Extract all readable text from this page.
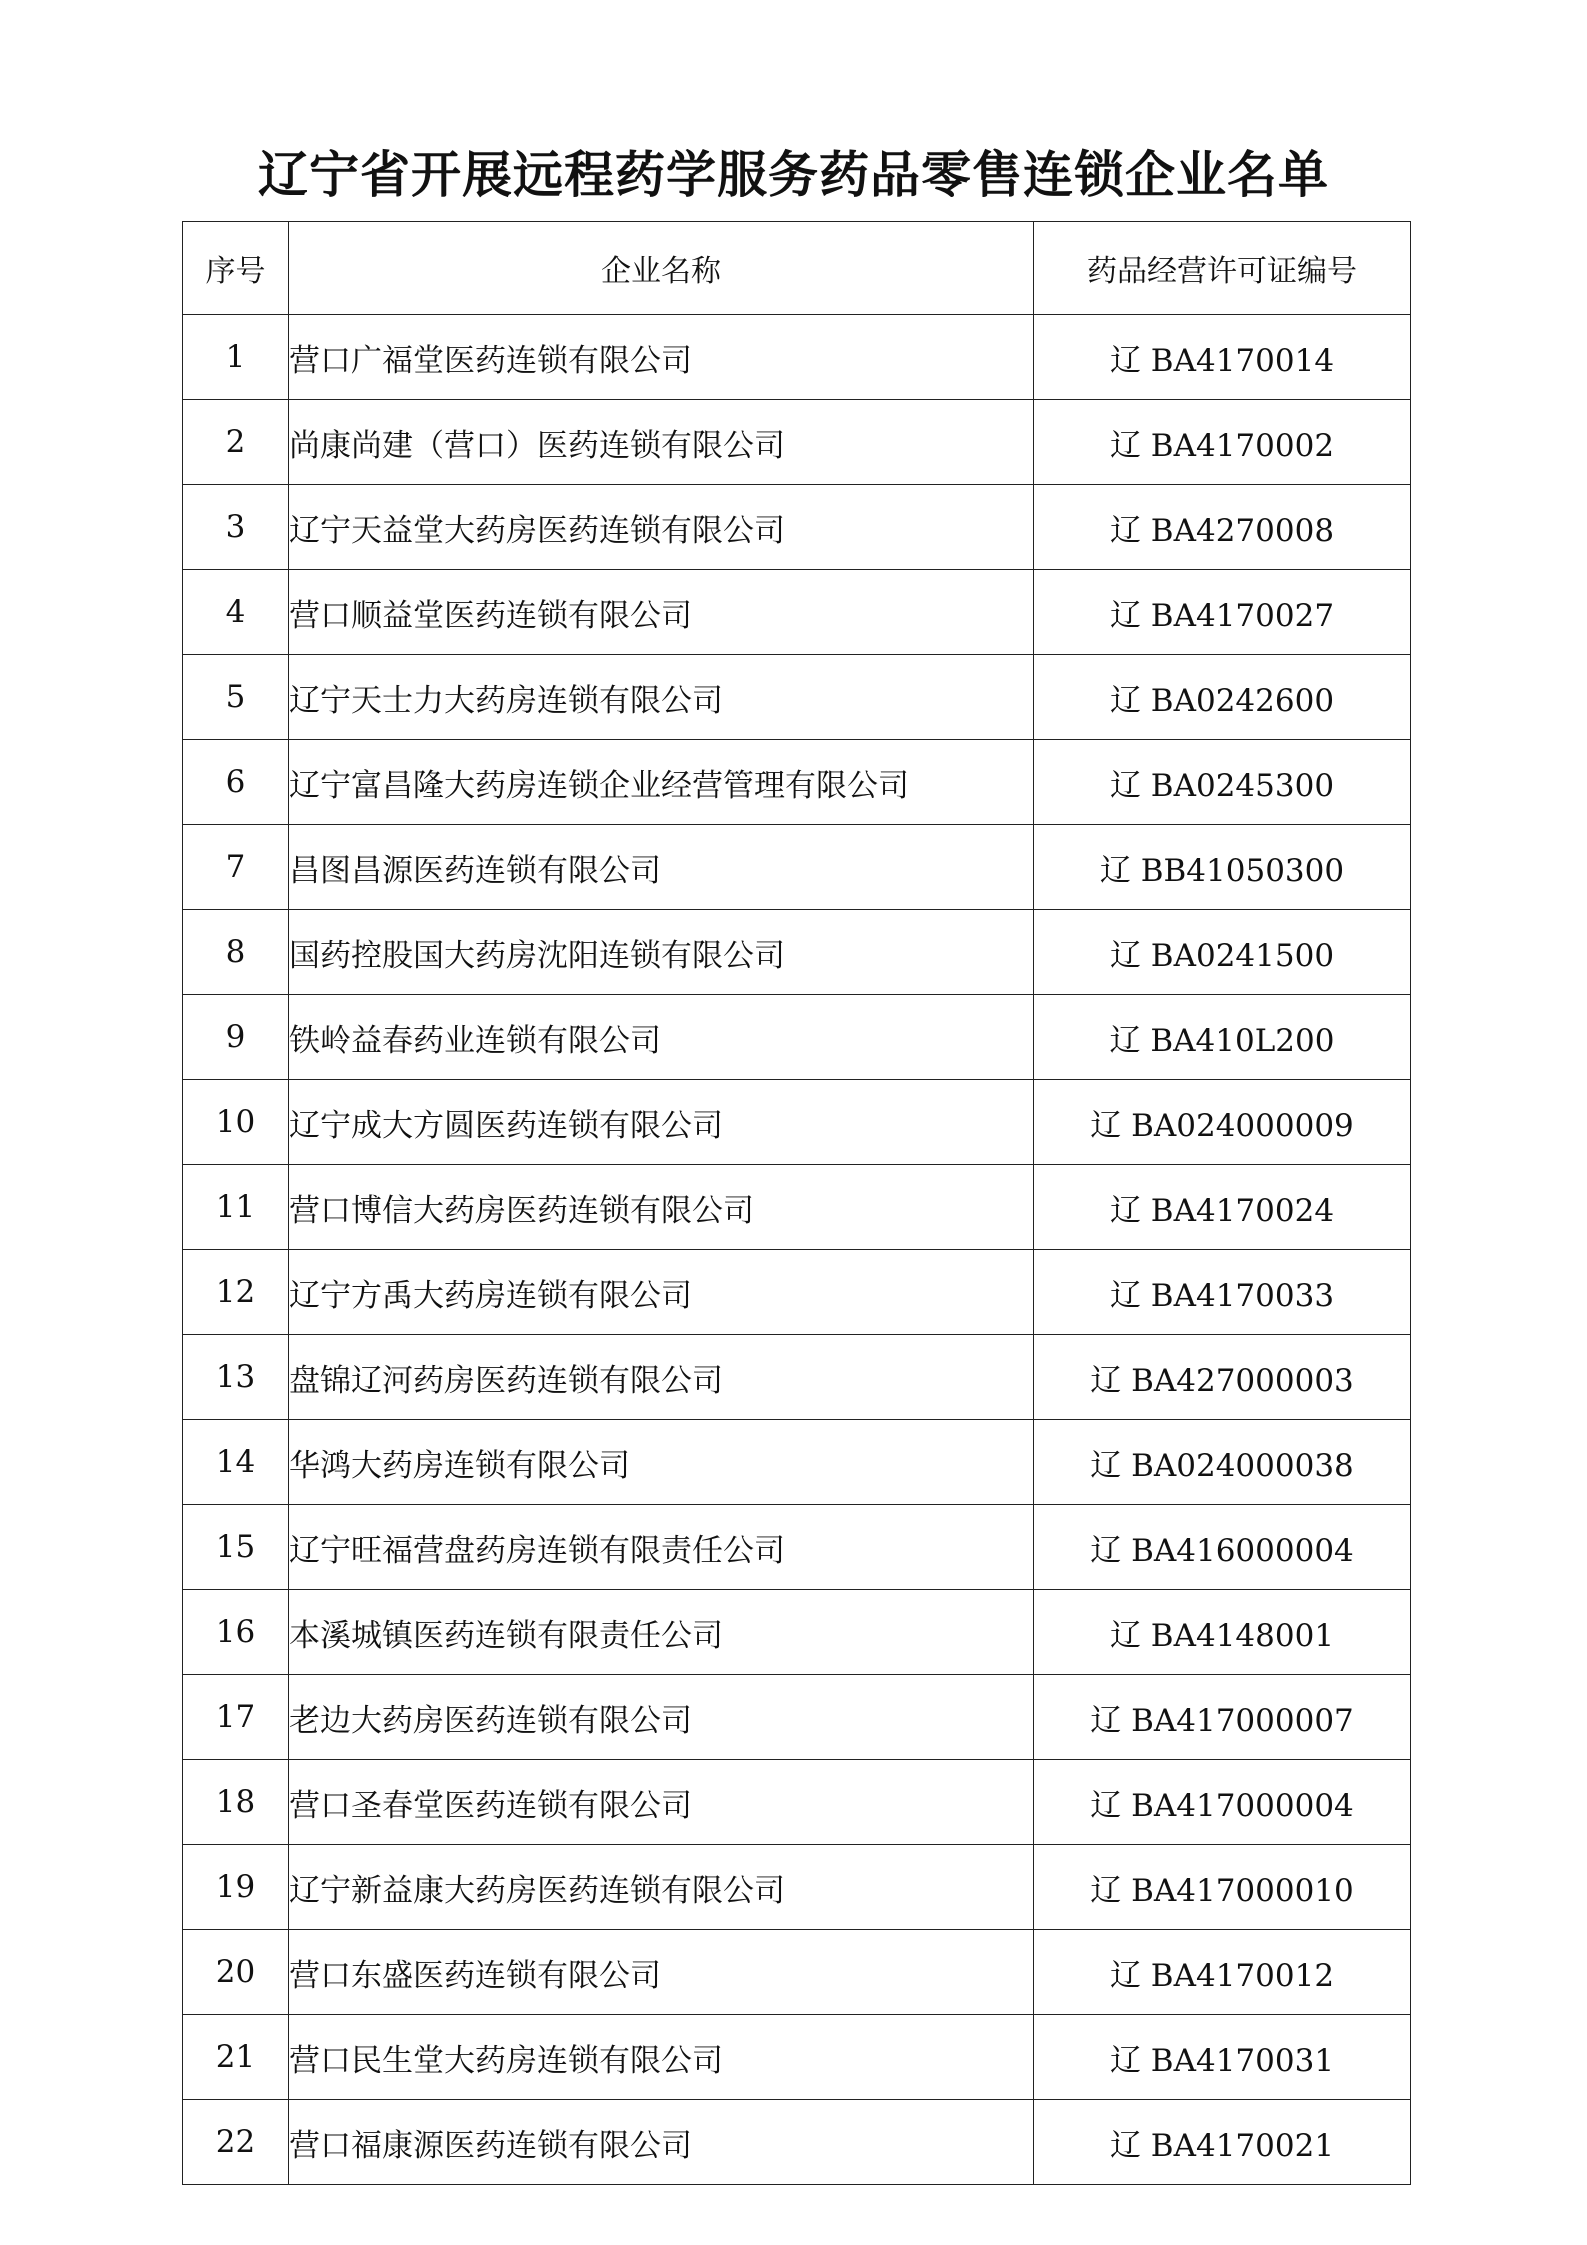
辽宁省开展远程药学服务药品零售连锁企业名单
序号	企业名称	药品经营许可证编号
1	营口广福堂医药连锁有限公司	辽 BA4170014
2	尚康尚建（营口）医药连锁有限公司	辽 BA4170002
3	辽宁天益堂大药房医药连锁有限公司	辽 BA4270008
4	营口顺益堂医药连锁有限公司	辽 BA4170027
5	辽宁天士力大药房连锁有限公司	辽 BA0242600
6	辽宁富昌隆大药房连锁企业经营管理有限公司	辽 BA0245300
7	昌图昌源医药连锁有限公司	辽 BB41050300
8	国药控股国大药房沈阳连锁有限公司	辽 BA0241500
9	铁岭益春药业连锁有限公司	辽 BA410L200
10	辽宁成大方圆医药连锁有限公司	辽 BA024000009
11	营口博信大药房医药连锁有限公司	辽 BA4170024
12	辽宁方禹大药房连锁有限公司	辽 BA4170033
13	盘锦辽河药房医药连锁有限公司	辽 BA427000003
14	华鸿大药房连锁有限公司	辽 BA024000038
15	辽宁旺福营盘药房连锁有限责任公司	辽 BA416000004
16	本溪城镇医药连锁有限责任公司	辽 BA4148001
17	老边大药房医药连锁有限公司	辽 BA417000007
18	营口圣春堂医药连锁有限公司	辽 BA417000004
19	辽宁新益康大药房医药连锁有限公司	辽 BA417000010
20	营口东盛医药连锁有限公司	辽 BA4170012
21	营口民生堂大药房连锁有限公司	辽 BA4170031
22	营口福康源医药连锁有限公司	辽 BA4170021
